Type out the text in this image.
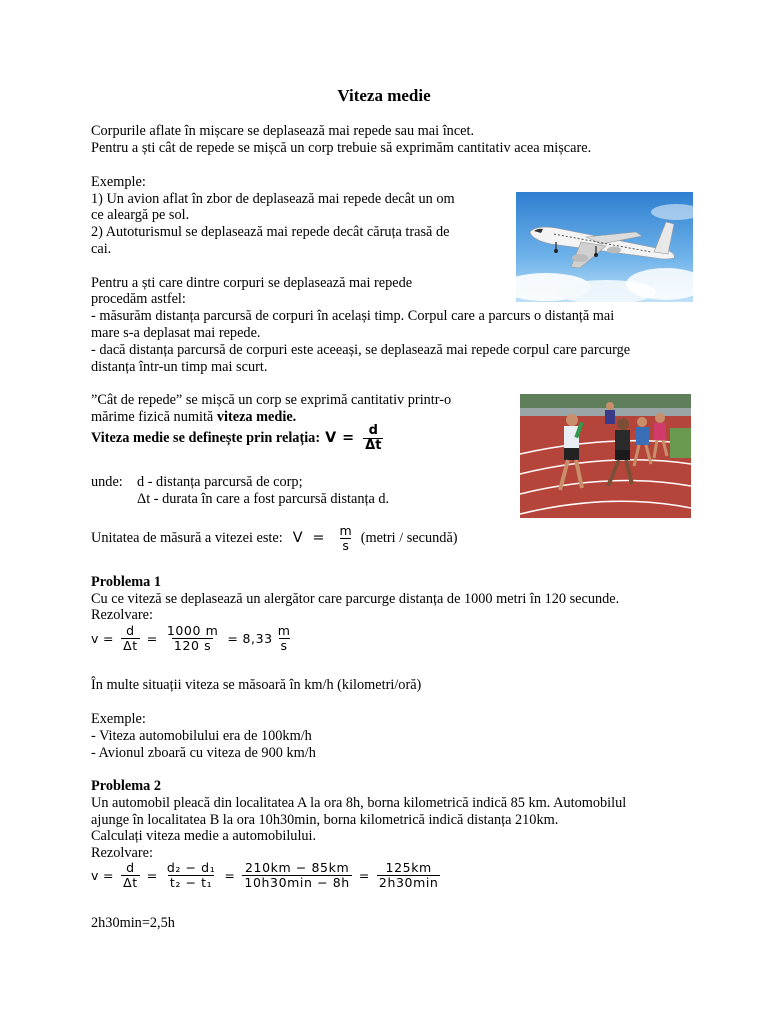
Viteza medie
Corpurile aflate în mișcare se deplasează mai repede sau mai încet.
Pentru a ști cât de repede se mișcă un corp trebuie să exprimăm cantitativ acea mișcare.
Exemple:
1) Un avion aflat în zbor de deplasează mai repede decât un om
ce aleargă pe sol.
2) Autoturismul se deplasează mai repede decât căruța trasă de
cai.
Pentru a ști care dintre corpuri se deplasează mai repede
procedăm astfel:
- măsurăm distanța parcursă de corpuri în același timp. Corpul care a parcurs o distanță mai
mare s-a deplasat mai repede.
- dacă distanța parcursă de corpuri este aceeași, se deplasează mai repede corpul care parcurge
distanța într-un timp mai scurt.
”Cât de repede” se mișcă un corp se exprimă cantitativ printr-o
mărime fizică numită viteza medie.
Viteza medie se definește prin relația: $V = \frac{d}{\Delta t}$
unde: d - distanța parcursă de corp;
Δt - durata în care a fost parcursă distanța d.
Unitatea de măsură a vitezei este: $V = \frac{m}{s}$ (metri / secundă)
Problema 1
Cu ce viteză se deplasează un alergător care parcurge distanța de 1000 metri în 120 secunde.
Rezolvare:
$v = \frac{d}{\Delta t} = \frac{1000 m}{120 s} = 8,33 \frac{m}{s}$
În multe situații viteza se măsoară în km/h (kilometri/oră)
Exemple:
- Viteza automobilului era de 100km/h
- Avionul zboară cu viteza de 900 km/h
Problema 2
Un automobil pleacă din localitatea A la ora 8h, borna kilometrică indică 85 km. Automobilul
ajunge în localitatea B la ora 10h30min, borna kilometrică indică distanța 210km.
Calculați viteza medie a automobilului.
Rezolvare:
$v = \frac{d}{\Delta t} = \frac{\text{d₂ − d₁}}{\text{t₂ − t₁}} = \frac{210km - 85km}{10h30\min - 8h} = \frac{125km}{2h30\min}$
2h30min=2,5h
